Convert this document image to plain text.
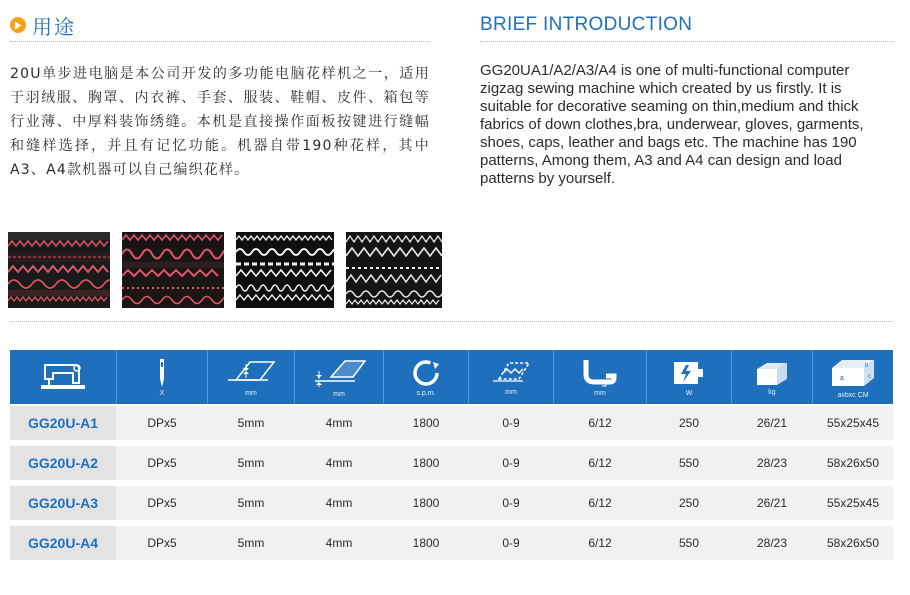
用途	BRIEF INTRODUCTION
20U单步进电脑是本公司开发的多功能电脑花样机之一，适用于羽绒服、胸罩、内衣裤、手套、服装、鞋帽、皮件、箱包等行业薄、中厚料装饰绣缝。本机是直接操作面板按键进行缝幅和缝样选择，并且有记忆功能。机器自带190种花样，其中A3、A4款机器可以自己编织花样。
GG20UA1/A2/A3/A4 is one of multi-functional computer zigzag sewing machine which created by us firstly. It is suitable for decorative seaming on thin,medium and thick fabrics of down clothes,bra, underwear, gloves, garments, shoes, caps, leather and bags etc. The machine has 190 patterns, Among them, A3 and A4 can design and load patterns by yourself.
X	mm	mm	s.p.m.	mm	mm	W	kg
a
b
c
axbxc CM
GG20U-A1	DPx5	5mm	4mm	1800	0-9	6/12	250	26/21	55x25x45
GG20U-A2	DPx5	5mm	4mm	1800	0-9	6/12	550	28/23	58x26x50
GG20U-A3	DPx5	5mm	4mm	1800	0-9	6/12	250	26/21	55x25x45
GG20U-A4	DPx5	5mm	4mm	1800	0-9	6/12	550	28/23	58x26x50
